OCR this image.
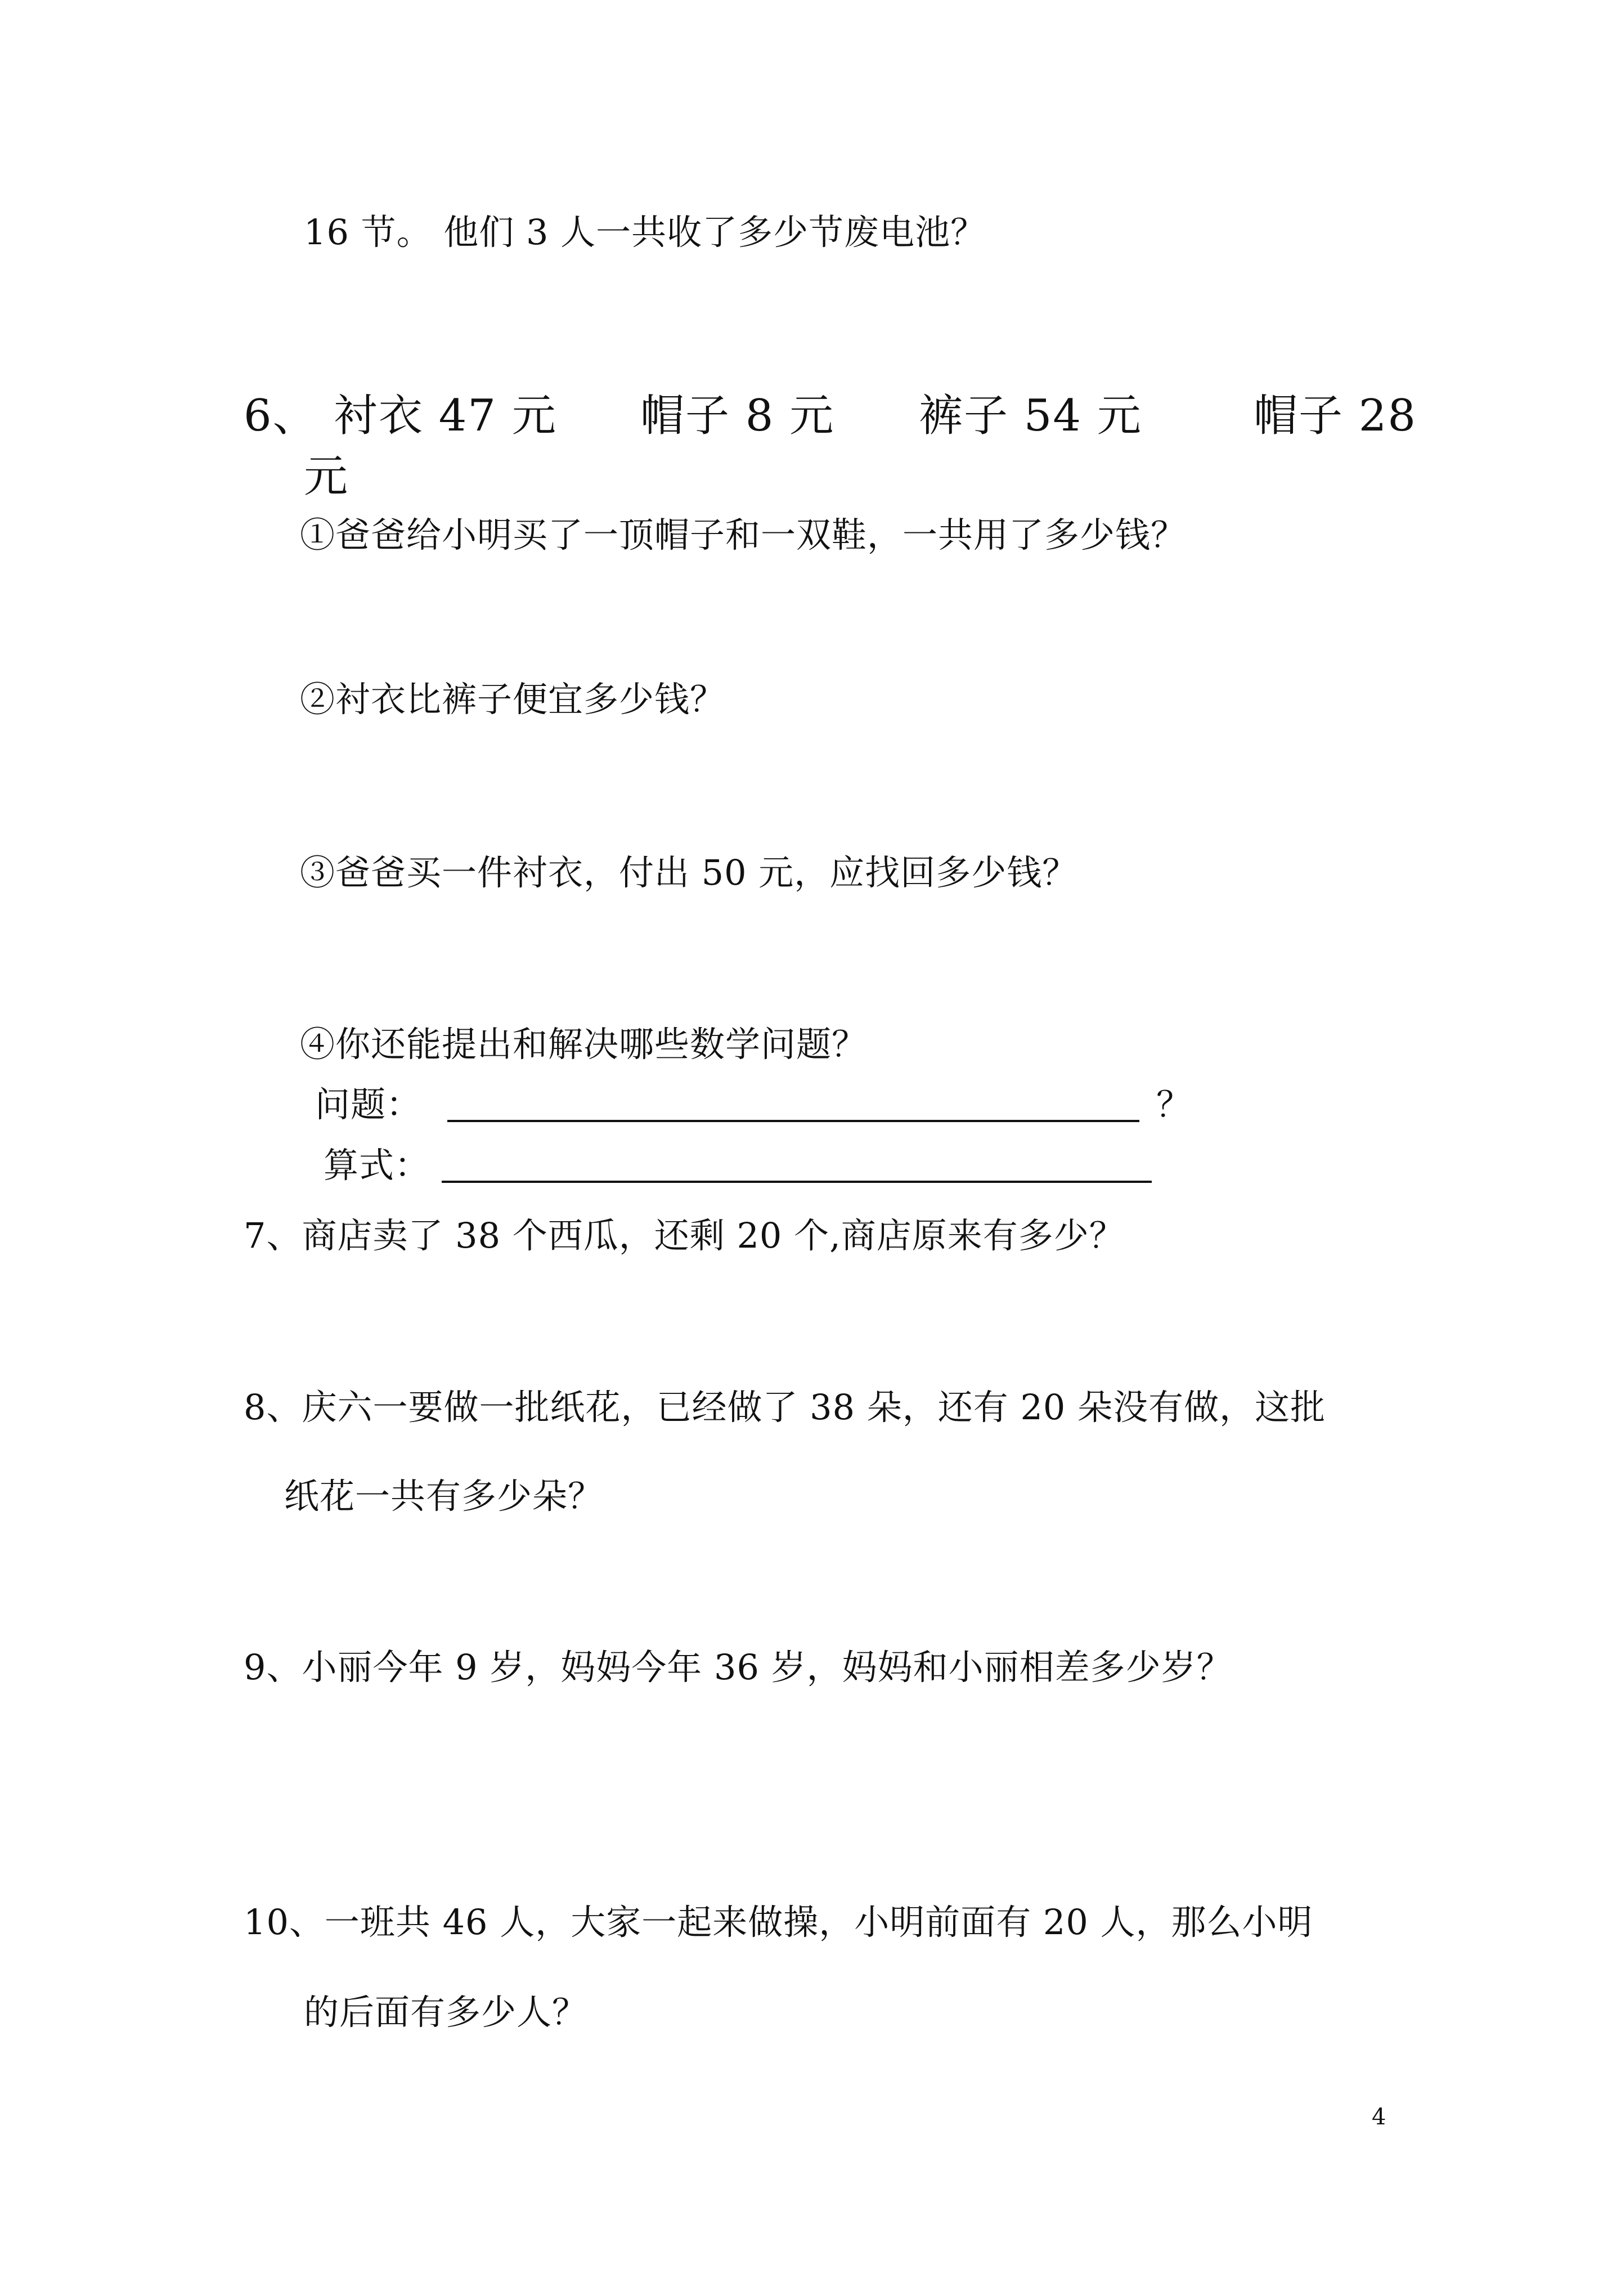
16 节。 他们 3 人一共收了多少节废电池？
6、 衬衣 47 元 帽子 8 元 裤子 54 元	帽子 28
元
①爸爸给小明买了一顶帽子和一双鞋，一共用了多少钱？
②衬衣比裤子便宜多少钱？
③爸爸买一件衬衣，付出 50 元，应找回多少钱？
④你还能提出和解决哪些数学问题？
问题：	？
算式：
7、商店卖了 38 个西瓜，还剩 20 个,商店原来有多少？
8、庆六一要做一批纸花，已经做了 38 朵，还有 20 朵没有做，这批
纸花一共有多少朵？
9、小丽今年 9 岁，妈妈今年 36 岁，妈妈和小丽相差多少岁？
10、一班共 46 人，大家一起来做操，小明前面有 20 人，那么小明
的后面有多少人？
4
